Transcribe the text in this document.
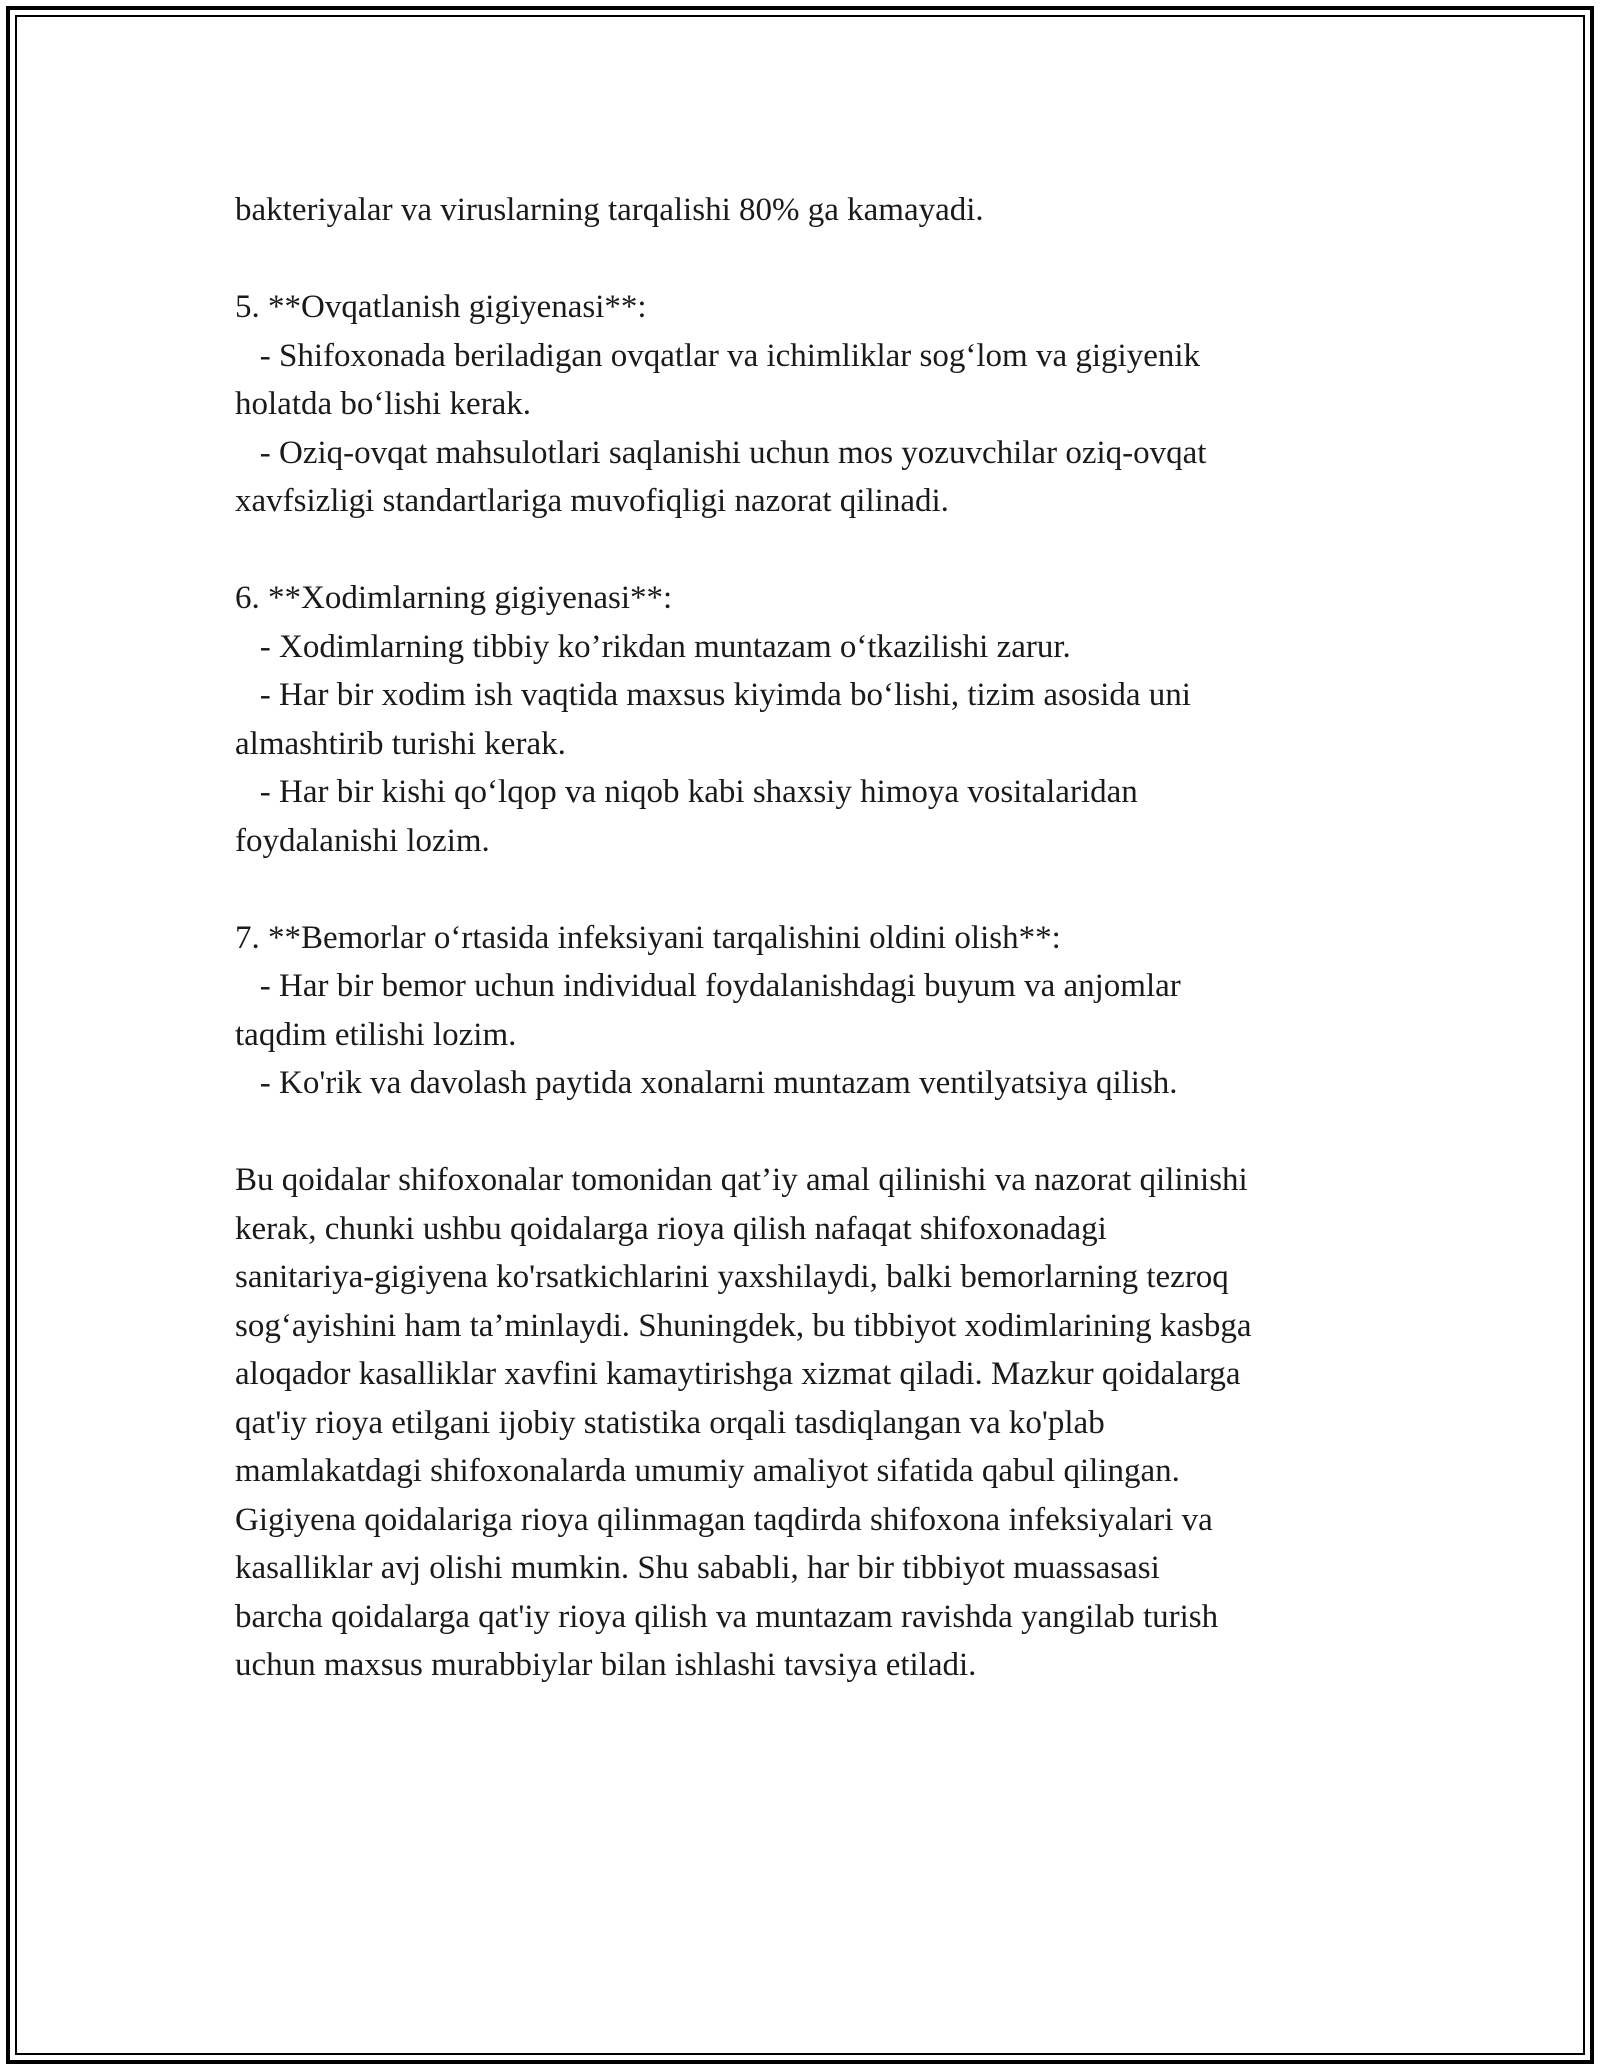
bakteriyalar va viruslarning tarqalishi 80% ga kamayadi.
5. **Ovqatlanish gigiyenasi**:
- Shifoxonada beriladigan ovqatlar va ichimliklar sog‘lom va gigiyenik
holatda bo‘lishi kerak.
- Oziq-ovqat mahsulotlari saqlanishi uchun mos yozuvchilar oziq-ovqat
xavfsizligi standartlariga muvofiqligi nazorat qilinadi.
6. **Xodimlarning gigiyenasi**:
- Xodimlarning tibbiy ko’rikdan muntazam o‘tkazilishi zarur.
- Har bir xodim ish vaqtida maxsus kiyimda bo‘lishi, tizim asosida uni
almashtirib turishi kerak.
- Har bir kishi qo‘lqop va niqob kabi shaxsiy himoya vositalaridan
foydalanishi lozim.
7. **Bemorlar o‘rtasida infeksiyani tarqalishini oldini olish**:
- Har bir bemor uchun individual foydalanishdagi buyum va anjomlar
taqdim etilishi lozim.
- Ko'rik va davolash paytida xonalarni muntazam ventilyatsiya qilish.
Bu qoidalar shifoxonalar tomonidan qat’iy amal qilinishi va nazorat qilinishi
kerak, chunki ushbu qoidalarga rioya qilish nafaqat shifoxonadagi
sanitariya-gigiyena ko'rsatkichlarini yaxshilaydi, balki bemorlarning tezroq
sog‘ayishini ham ta’minlaydi. Shuningdek, bu tibbiyot xodimlarining kasbga
aloqador kasalliklar xavfini kamaytirishga xizmat qiladi. Mazkur qoidalarga
qat'iy rioya etilgani ijobiy statistika orqali tasdiqlangan va ko'plab
mamlakatdagi shifoxonalarda umumiy amaliyot sifatida qabul qilingan.
Gigiyena qoidalariga rioya qilinmagan taqdirda shifoxona infeksiyalari va
kasalliklar avj olishi mumkin. Shu sababli, har bir tibbiyot muassasasi
barcha qoidalarga qat'iy rioya qilish va muntazam ravishda yangilab turish
uchun maxsus murabbiylar bilan ishlashi tavsiya etiladi.
